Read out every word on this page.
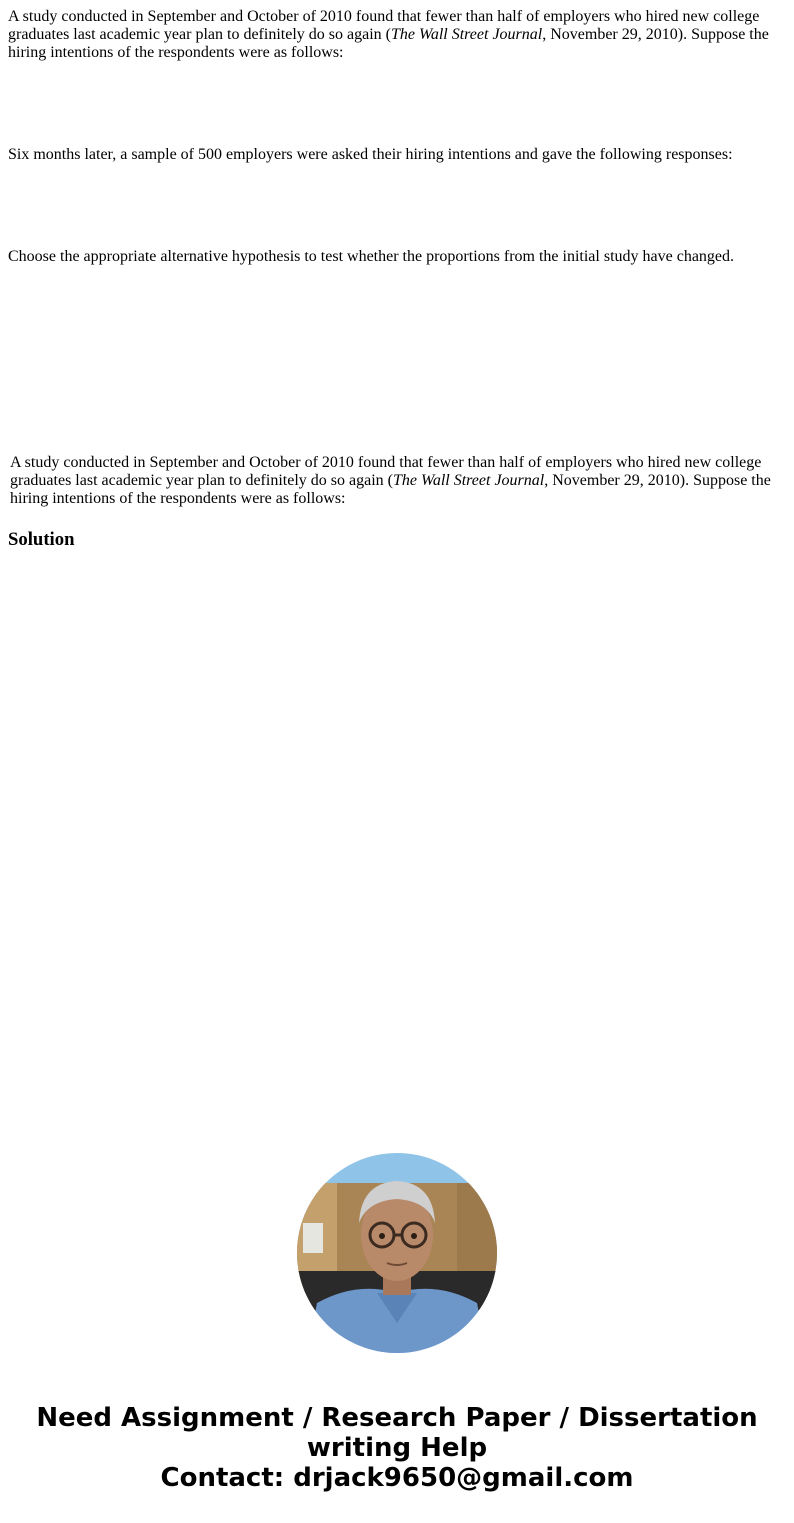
A study conducted in September and October of 2010 found that fewer than half of employers who hired new college graduates last academic year plan to definitely do so again (The Wall Street Journal, November 29, 2010). Suppose the hiring intentions of the respondents were as follows:

Six months later, a sample of 500 employers were asked their hiring intentions and gave the following responses:

Choose the appropriate alternative hypothesis to test whether the proportions from the initial study have changed.

A study conducted in September and October of 2010 found that fewer than half of employers who hired new college graduates last academic year plan to definitely do so again (The Wall Street Journal, November 29, 2010). Suppose the hiring intentions of the respondents were as follows:

Solution
Need Assignment / Research Paper / Dissertation
writing Help
Contact: drjack9650@gmail.com
